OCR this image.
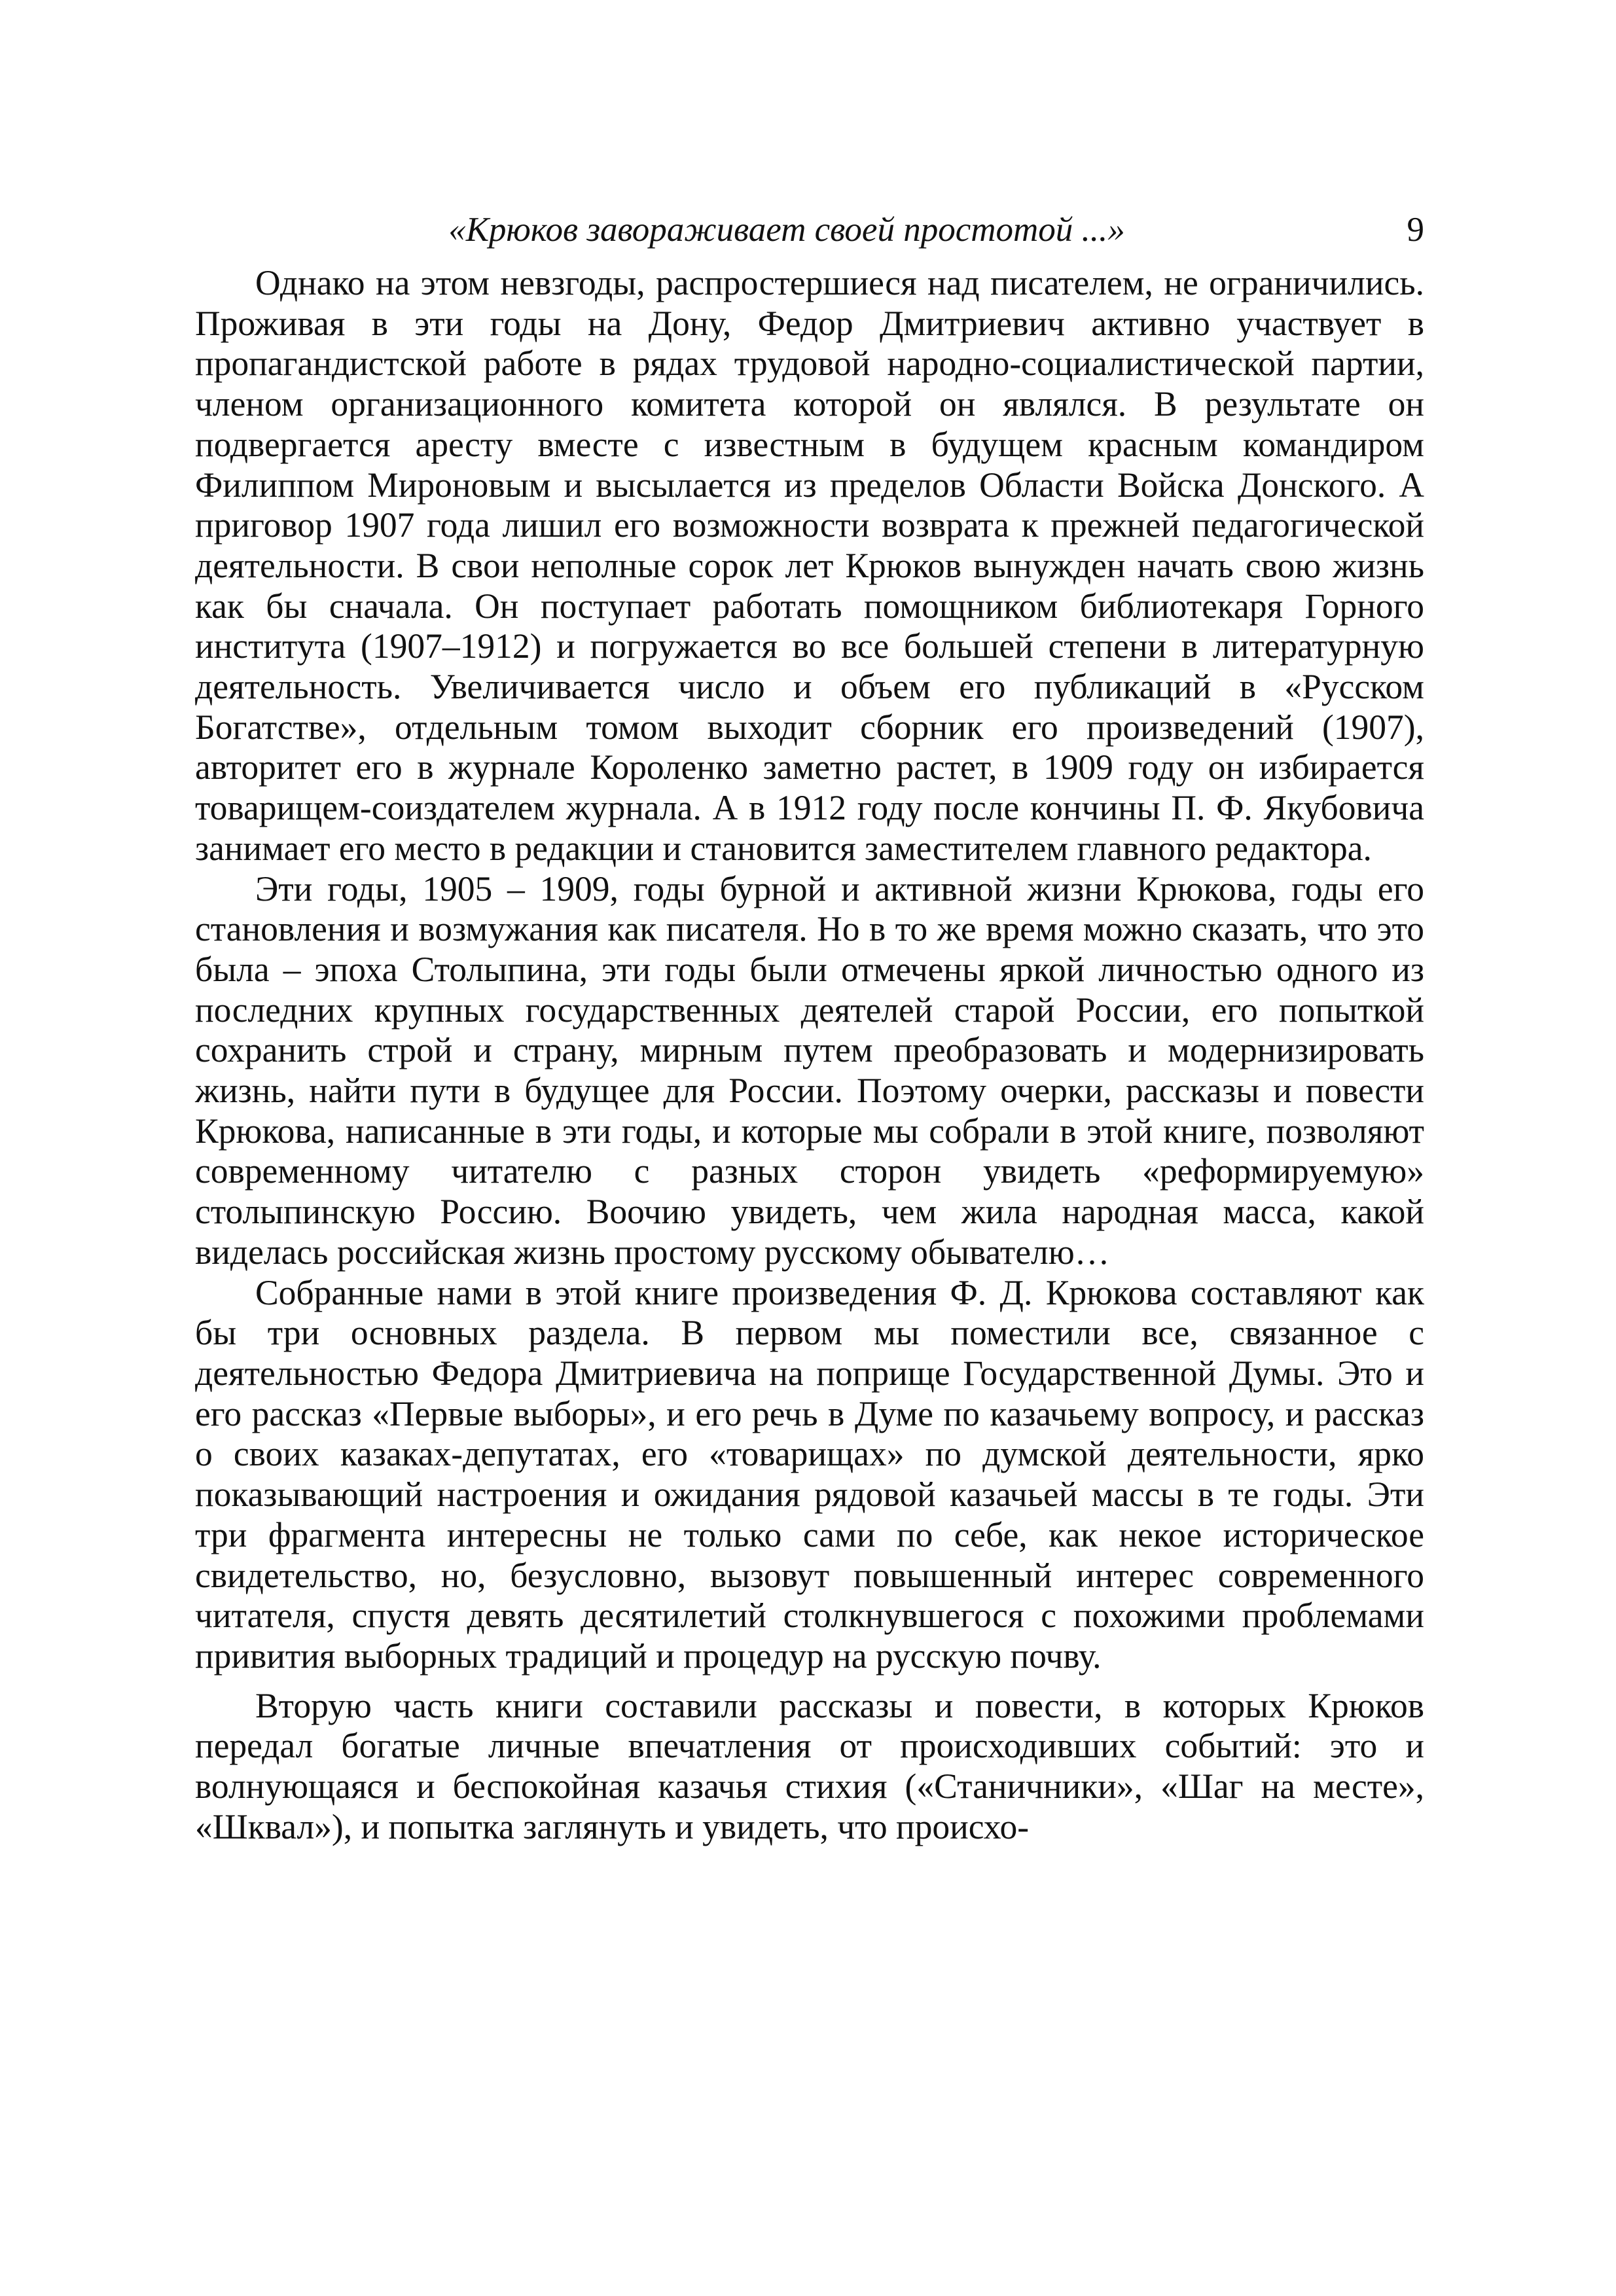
«Крюков завораживает своей простотой ...»	9

Однако на этом невзгоды, распростершиеся над писателем, не ограничились. Проживая в эти годы на Дону, Федор Дмитриевич активно участвует в пропагандистской работе в рядах трудовой народно-социалистической партии, членом организационного комитета которой он являлся. В результате он подвергается аресту вместе с известным в будущем красным командиром Филиппом Мироновым и высылается из пределов Области Войска Донского. А приговор 1907 года лишил его возможности возврата к прежней педагогической деятельности. В свои неполные сорок лет Крюков вынужден начать свою жизнь как бы сначала. Он поступает работать помощником библиотекаря Горного института (1907–1912) и погружается во все большей степени в литературную деятельность. Увеличивается число и объем его публикаций в «Русском Богатстве», отдельным томом выходит сборник его произведений (1907), авторитет его в журнале Короленко заметно растет, в 1909 году он избирается товарищем-соиздателем журнала. А в 1912 году после кончины П. Ф. Якубовича занимает его место в редакции и становится заместителем главного редактора.

Эти годы, 1905 – 1909, годы бурной и активной жизни Крюкова, годы его становления и возмужания как писателя. Но в то же время можно сказать, что это была – эпоха Столыпина, эти годы были отмечены яркой личностью одного из последних крупных государственных деятелей старой России, его попыткой сохранить строй и страну, мирным путем преобразовать и модернизировать жизнь, найти пути в будущее для России. Поэтому очерки, рассказы и повести Крюкова, написанные в эти годы, и которые мы собрали в этой книге, позволяют современному читателю с разных сторон увидеть «реформируемую» столыпинскую Россию. Воочию увидеть, чем жила народная масса, какой виделась российская жизнь простому русскому обывателю…

Собранные нами в этой книге произведения Ф. Д. Крюкова составляют как бы три основных раздела. В первом мы поместили все, связанное с деятельностью Федора Дмитриевича на поприще Государственной Думы. Это и его рассказ «Первые выборы», и его речь в Думе по казачьему вопросу, и рассказ о своих казаках-депутатах, его «товарищах» по думской деятельности, ярко показывающий настроения и ожидания рядовой казачьей массы в те годы. Эти три фрагмента интересны не только сами по себе, как некое историческое свидетельство, но, безусловно, вызовут повышенный интерес современного читателя, спустя девять десятилетий столкнувшегося с похожими проблемами привития выборных традиций и процедур на русскую почву.

Вторую часть книги составили рассказы и повести, в которых Крюков передал богатые личные впечатления от происходивших событий: это и волнующаяся и беспокойная казачья стихия («Станичники», «Шаг на месте», «Шквал»), и попытка заглянуть и увидеть, что происхо-
